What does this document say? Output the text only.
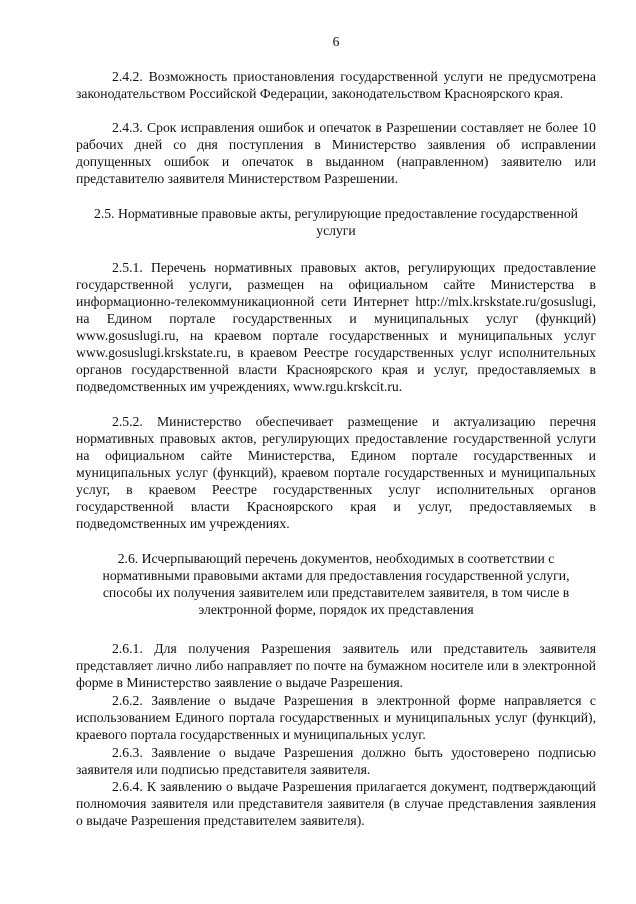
6

2.4.2. Возможность приостановления государственной услуги не предусмотрена законодательством Российской Федерации, законодательством Красноярского края.

2.4.3. Срок исправления ошибок и опечаток в Разрешении составляет не более 10 рабочих дней со дня поступления в Министерство заявления об исправлении допущенных ошибок и опечаток в выданном (направленном) заявителю или представителю заявителя Министерством Разрешении.

2.5. Нормативные правовые акты, регулирующие предоставление государственной услуги

2.5.1. Перечень нормативных правовых актов, регулирующих предоставление государственной услуги, размещен на официальном сайте Министерства в информационно-телекоммуникационной сети Интернет http://mlx.krskstate.ru/gosuslugi, на Едином портале государственных и муниципальных услуг (функций) www.gosuslugi.ru, на краевом портале государственных и муниципальных услуг www.gosuslugi.krskstate.ru, в краевом Реестре государственных услуг исполнительных органов государственной власти Красноярского края и услуг, предоставляемых в подведомственных им учреждениях, www.rgu.krskcit.ru.

2.5.2. Министерство обеспечивает размещение и актуализацию перечня нормативных правовых актов, регулирующих предоставление государственной услуги на официальном сайте Министерства, Едином портале государственных и муниципальных услуг (функций), краевом портале государственных и муниципальных услуг, в краевом Реестре государственных услуг исполнительных органов государственной власти Красноярского края и услуг, предоставляемых в подведомственных им учреждениях.

2.6. Исчерпывающий перечень документов, необходимых в соответствии с нормативными правовыми актами для предоставления государственной услуги, способы их получения заявителем или представителем заявителя, в том числе в электронной форме, порядок их представления

2.6.1. Для получения Разрешения заявитель или представитель заявителя представляет лично либо направляет по почте на бумажном носителе или в электронной форме в Министерство заявление о выдаче Разрешения.

2.6.2. Заявление о выдаче Разрешения в электронной форме направляется с использованием Единого портала государственных и муниципальных услуг (функций), краевого портала государственных и муниципальных услуг.

2.6.3. Заявление о выдаче Разрешения должно быть удостоверено подписью заявителя или подписью представителя заявителя.

2.6.4. К заявлению о выдаче Разрешения прилагается документ, подтверждающий полномочия заявителя или представителя заявителя (в случае представления заявления о выдаче Разрешения представителем заявителя).
